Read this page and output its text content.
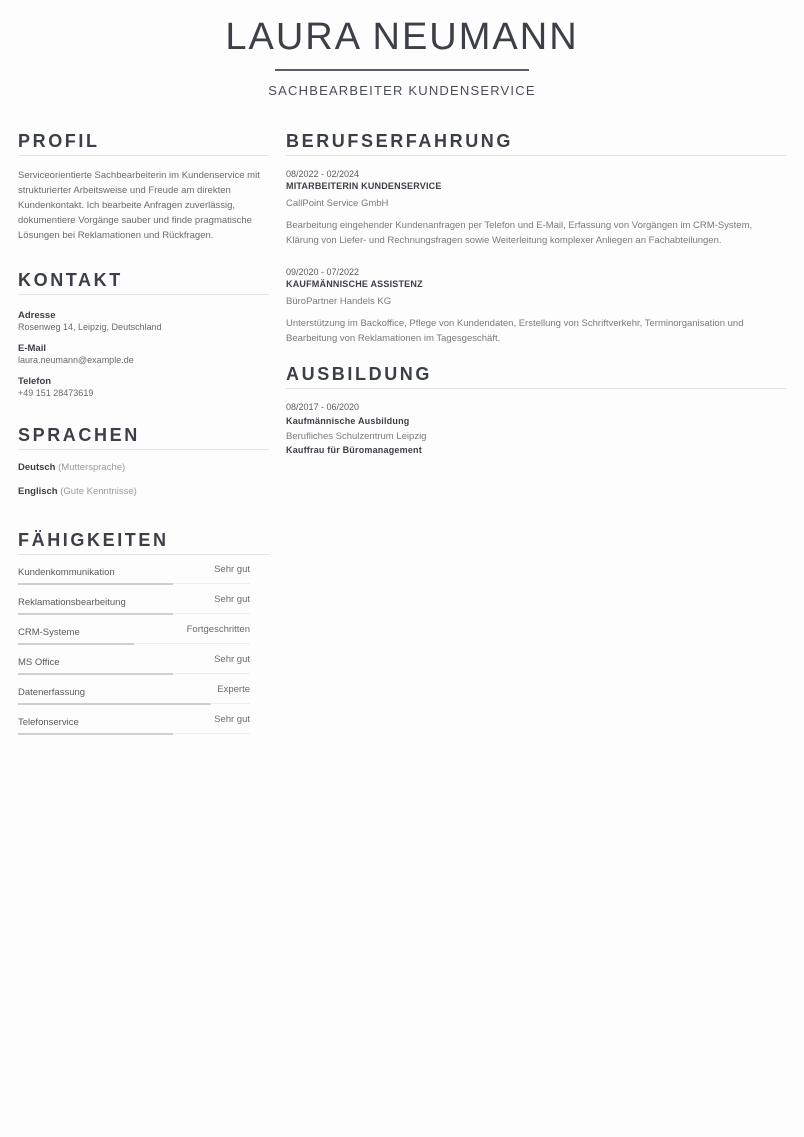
LAURA NEUMANN
SACHBEARBEITER KUNDENSERVICE
PROFIL
Serviceorientierte Sachbearbeiterin im Kundenservice mit strukturierter Arbeitsweise und Freude am direkten Kundenkontakt. Ich bearbeite Anfragen zuverlässig, dokumentiere Vorgänge sauber und finde pragmatische Lösungen bei Reklamationen und Rückfragen.
KONTAKT
Adresse
Rosenweg 14, Leipzig, Deutschland
E-Mail
laura.neumann@example.de
Telefon
+49 151 28473619
SPRACHEN
Deutsch (Muttersprache)
Englisch (Gute Kenntnisse)
FÄHIGKEITEN
Kundenkommunikation	Sehr gut
Reklamationsbearbeitung	Sehr gut
CRM-Systeme	Fortgeschritten
MS Office	Sehr gut
Datenerfassung	Experte
Telefonservice	Sehr gut
BERUFSERFAHRUNG
08/2022 - 02/2024
MITARBEITERIN KUNDENSERVICE
CallPoint Service GmbH
Bearbeitung eingehender Kundenanfragen per Telefon und E-Mail, Erfassung von Vorgängen im CRM-System, Klärung von Liefer- und Rechnungsfragen sowie Weiterleitung komplexer Anliegen an Fachabteilungen.
09/2020 - 07/2022
KAUFMÄNNISCHE ASSISTENZ
BüroPartner Handels KG
Unterstützung im Backoffice, Pflege von Kundendaten, Erstellung von Schriftverkehr, Terminorganisation und Bearbeitung von Reklamationen im Tagesgeschäft.
AUSBILDUNG
08/2017 - 06/2020
Kaufmännische Ausbildung
Berufliches Schulzentrum Leipzig
Kauffrau für Büromanagement
